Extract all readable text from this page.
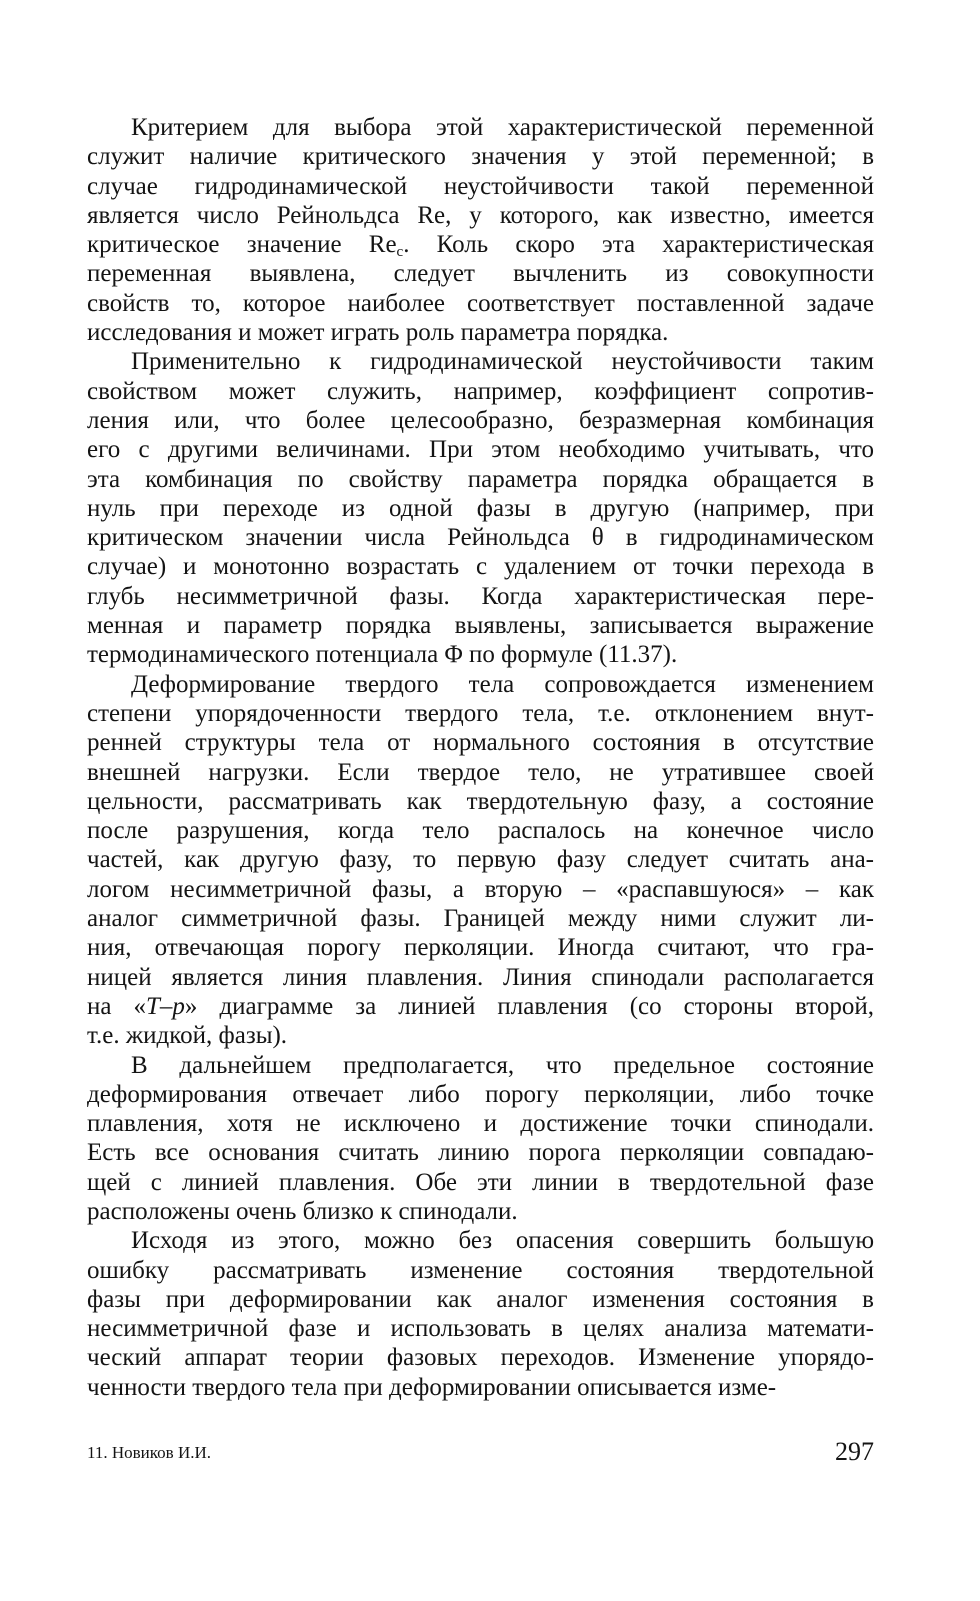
Критерием для выбора этой характеристической переменной
служит наличие критического значения у этой переменной; в
случае гидродинамической неустойчивости такой переменной
является число Рейнольдса Re, у которого, как известно, имеется
критическое значение $Re_c$. Коль скоро эта характеристическая
переменная выявлена, следует вычленить из совокупности
свойств то, которое наиболее соответствует поставленной задаче
исследования и может играть роль параметра порядка.

Применительно к гидродинамической неустойчивости таким
свойством может служить, например, коэффициент сопротив-
ления или, что более целесообразно, безразмерная комбинация
его с другими величинами. При этом необходимо учитывать, что
эта комбинация по свойству параметра порядка обращается в
нуль при переходе из одной фазы в другую (например, при
критическом значении числа Рейнольдса θ в гидродинамическом
случае) и монотонно возрастать с удалением от точки перехода в
глубь несимметричной фазы. Когда характеристическая пере-
менная и параметр порядка выявлены, записывается выражение
термодинамического потенциала Φ по формуле (11.37).

Деформирование твердого тела сопровождается изменением
степени упорядоченности твердого тела, т.е. отклонением внут-
ренней структуры тела от нормального состояния в отсутствие
внешней нагрузки. Если твердое тело, не утратившее своей
цельности, рассматривать как твердотельную фазу, а состояние
после разрушения, когда тело распалось на конечное число
частей, как другую фазу, то первую фазу следует считать ана-
логом несимметричной фазы, а вторую – «распавшуюся» – как
аналог симметричной фазы. Границей между ними служит ли-
ния, отвечающая порогу перколяции. Иногда считают, что гра-
ницей является линия плавления. Линия спинодали располагается
на «T–p» диаграмме за линией плавления (со стороны второй,
т.е. жидкой, фазы).

В дальнейшем предполагается, что предельное состояние
деформирования отвечает либо порогу перколяции, либо точке
плавления, хотя не исключено и достижение точки спинодали.
Есть все основания считать линию порога перколяции совпадаю-
щей с линией плавления. Обе эти линии в твердотельной фазе
расположены очень близко к спинодали.

Исходя из этого, можно без опасения совершить большую
ошибку рассматривать изменение состояния твердотельной
фазы при деформировании как аналог изменения состояния в
несимметричной фазе и использовать в целях анализа математи-
ческий аппарат теории фазовых переходов. Изменение упорядо-
ченности твердого тела при деформировании описывается изме-

11. Новиков И.И.	297
